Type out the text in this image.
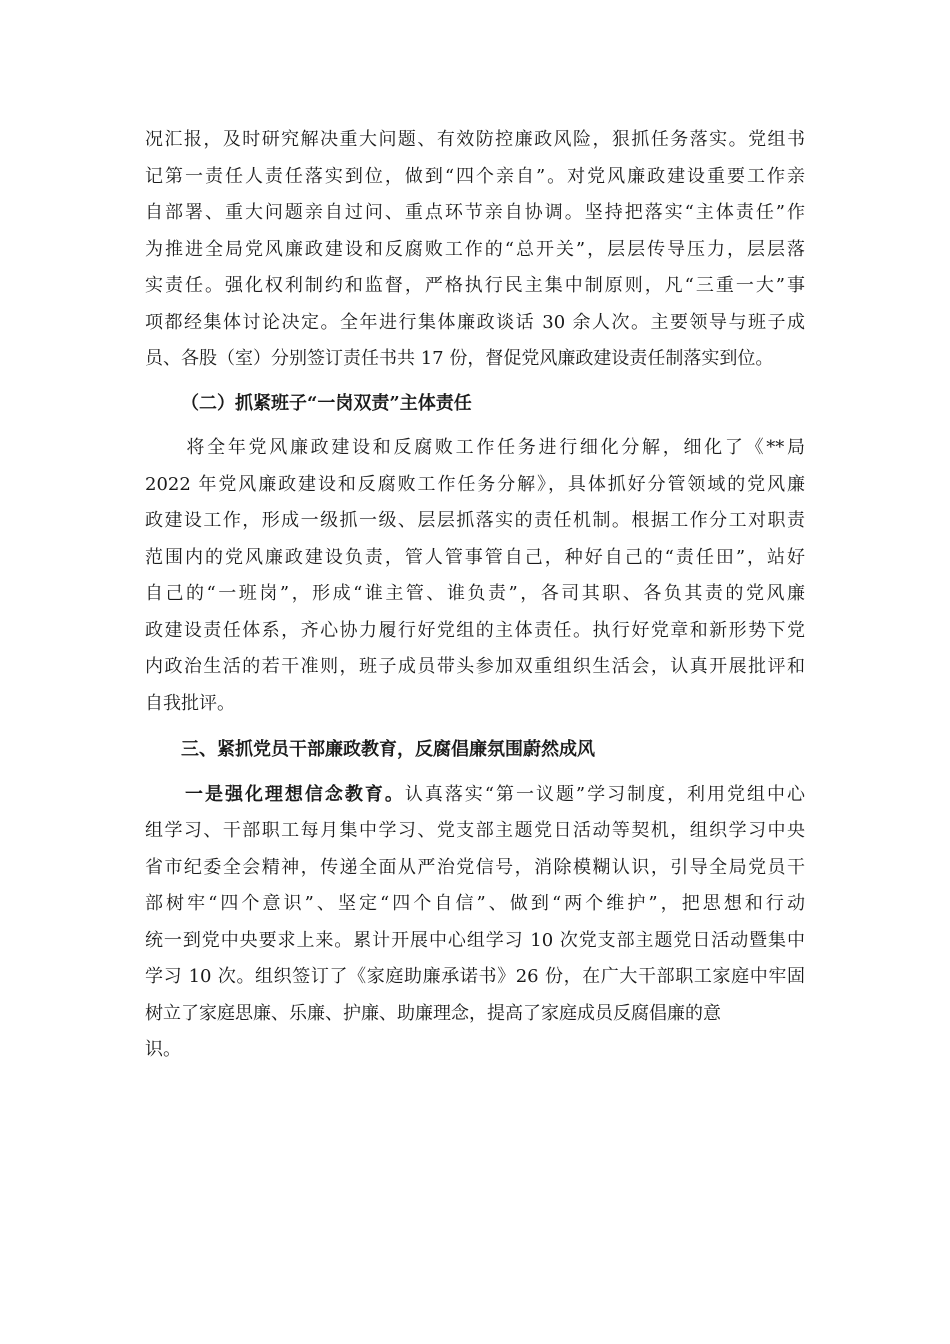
况汇报，及时研究解决重大问题、有效防控廉政风险，狠抓任务落实。党组书
记第一责任人责任落实到位，做到“四个亲自”。对党风廉政建设重要工作亲
自部署、重大问题亲自过问、重点环节亲自协调。坚持把落实“主体责任”作
为推进全局党风廉政建设和反腐败工作的“总开关”，层层传导压力，层层落
实责任。强化权利制约和监督，严格执行民主集中制原则，凡“三重一大”事
项都经集体讨论决定。全年进行集体廉政谈话 30 余人次。主要领导与班子成
员、各股（室）分别签订责任书共 17 份，督促党风廉政建设责任制落实到位。

（二）抓紧班子“一岗双责”主体责任

　　将全年党风廉政建设和反腐败工作任务进行细化分解，细化了《**局
2022 年党风廉政建设和反腐败工作任务分解》，具体抓好分管领域的党风廉
政建设工作，形成一级抓一级、层层抓落实的责任机制。根据工作分工对职责
范围内的党风廉政建设负责，管人管事管自己，种好自己的“责任田”，站好
自己的“一班岗”，形成“谁主管、谁负责”，各司其职、各负其责的党风廉
政建设责任体系，齐心协力履行好党组的主体责任。执行好党章和新形势下党
内政治生活的若干准则，班子成员带头参加双重组织生活会，认真开展批评和
自我批评。

三、紧抓党员干部廉政教育，反腐倡廉氛围蔚然成风

　　一是强化理想信念教育。认真落实“第一议题”学习制度，利用党组中心
组学习、干部职工每月集中学习、党支部主题党日活动等契机，组织学习中央
省市纪委全会精神，传递全面从严治党信号，消除模糊认识，引导全局党员干
部树牢“四个意识”、坚定“四个自信”、做到“两个维护”，把思想和行动
统一到党中央要求上来。累计开展中心组学习 10 次党支部主题党日活动暨集中
学习 10 次。组织签订了《家庭助廉承诺书》26 份，在广大干部职工家庭中牢固
树立了家庭思廉、乐廉、护廉、助廉理念，提高了家庭成员反腐倡廉的意
识。
